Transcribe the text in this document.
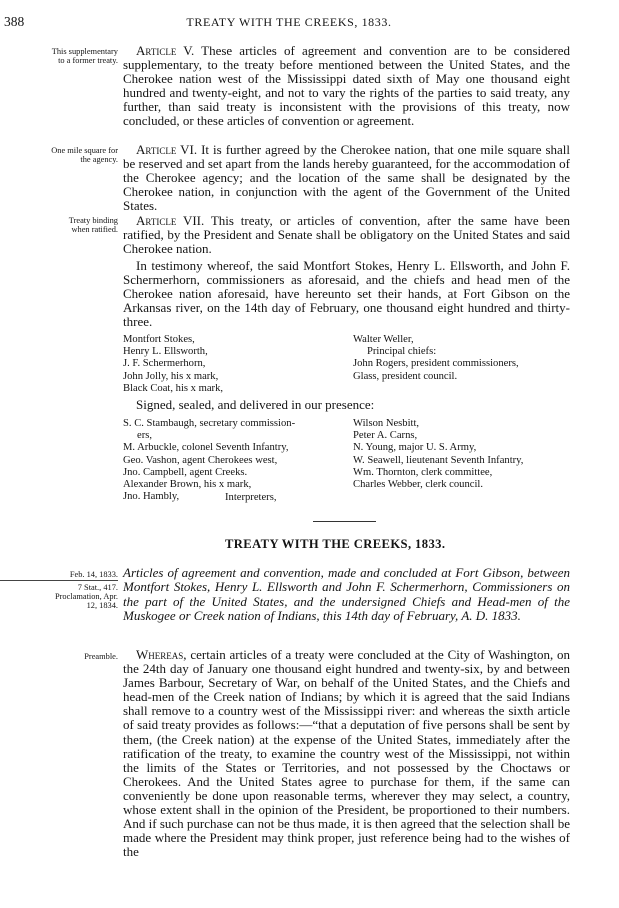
388	TREATY WITH THE CREEKS, 1833.
This supplementary
to a former treaty.
One mile square for
the agency.
Treaty binding
when ratified.
Feb. 14, 1833.
7 Stat., 417.
Proclamation, Apr.
12, 1834.
Preamble.

Article V. These articles of agreement and convention are to be considered supplementary, to the treaty before mentioned between the United States, and the Cherokee nation west of the Mississippi dated sixth of May one thousand eight hundred and twenty-eight, and not to vary the rights of the parties to said treaty, any further, than said treaty is inconsistent with the provisions of this treaty, now concluded, or these articles of convention or agreement.

Article VI. It is further agreed by the Cherokee nation, that one mile square shall be reserved and set apart from the lands hereby guaranteed, for the accommodation of the Cherokee agency; and the location of the same shall be designated by the Cherokee nation, in conjunction with the agent of the Government of the United States.

Article VII. This treaty, or articles of convention, after the same have been ratified, by the President and Senate shall be obligatory on the United States and said Cherokee nation.

In testimony whereof, the said Montfort Stokes, Henry L. Ellsworth, and John F. Schermerhorn, commissioners as aforesaid, and the chiefs and head men of the Cherokee nation aforesaid, have hereunto set their hands, at Fort Gibson on the Arkansas river, on the 14th day of February, one thousand eight hundred and thirty-three.

Montfort Stokes,
Henry L. Ellsworth,
J. F. Schermerhorn,
John Jolly, his x mark,
Black Coat, his x mark,
Walter Weller,
Principal chiefs:
John Rogers, president commissioners,
Glass, president council.

Signed, sealed, and delivered in our presence:

S. C. Stambaugh, secretary commission-
ers,
M. Arbuckle, colonel Seventh Infantry,
Geo. Vashon, agent Cherokees west,
Jno. Campbell, agent Creeks.
Alexander Brown, his x mark,
Jno. Hambly,
Wilson Nesbitt,
Peter A. Carns,
N. Young, major U. S. Army,
W. Seawell, lieutenant Seventh Infantry,
Wm. Thornton, clerk committee,
Charles Webber, clerk council.
Interpreters,
TREATY WITH THE CREEKS, 1833.
Articles of agreement and convention, made and concluded at Fort Gibson, between Montfort Stokes, Henry L. Ellsworth and John F. Schermerhorn, Commissioners on the part of the United States, and the undersigned Chiefs and Head-men of the Muskogee or Creek nation of Indians, this 14th day of February, A. D. 1833.

Whereas, certain articles of a treaty were concluded at the City of Washington, on the 24th day of January one thousand eight hundred and twenty-six, by and between James Barbour, Secretary of War, on behalf of the United States, and the Chiefs and head-men of the Creek nation of Indians; by which it is agreed that the said Indians shall remove to a country west of the Mississippi river: and whereas the sixth article of said treaty provides as follows:—“that a deputation of five persons shall be sent by them, (the Creek nation) at the expense of the United States, immediately after the ratification of the treaty, to examine the country west of the Mississippi, not within the limits of the States or Territories, and not possessed by the Choctaws or Cherokees. And the United States agree to purchase for them, if the same can conveniently be done upon reasonable terms, wherever they may select, a country, whose extent shall in the opinion of the President, be proportioned to their numbers. And if such purchase can not be thus made, it is then agreed that the selection shall be made where the President may think proper, just reference being had to the wishes of the
